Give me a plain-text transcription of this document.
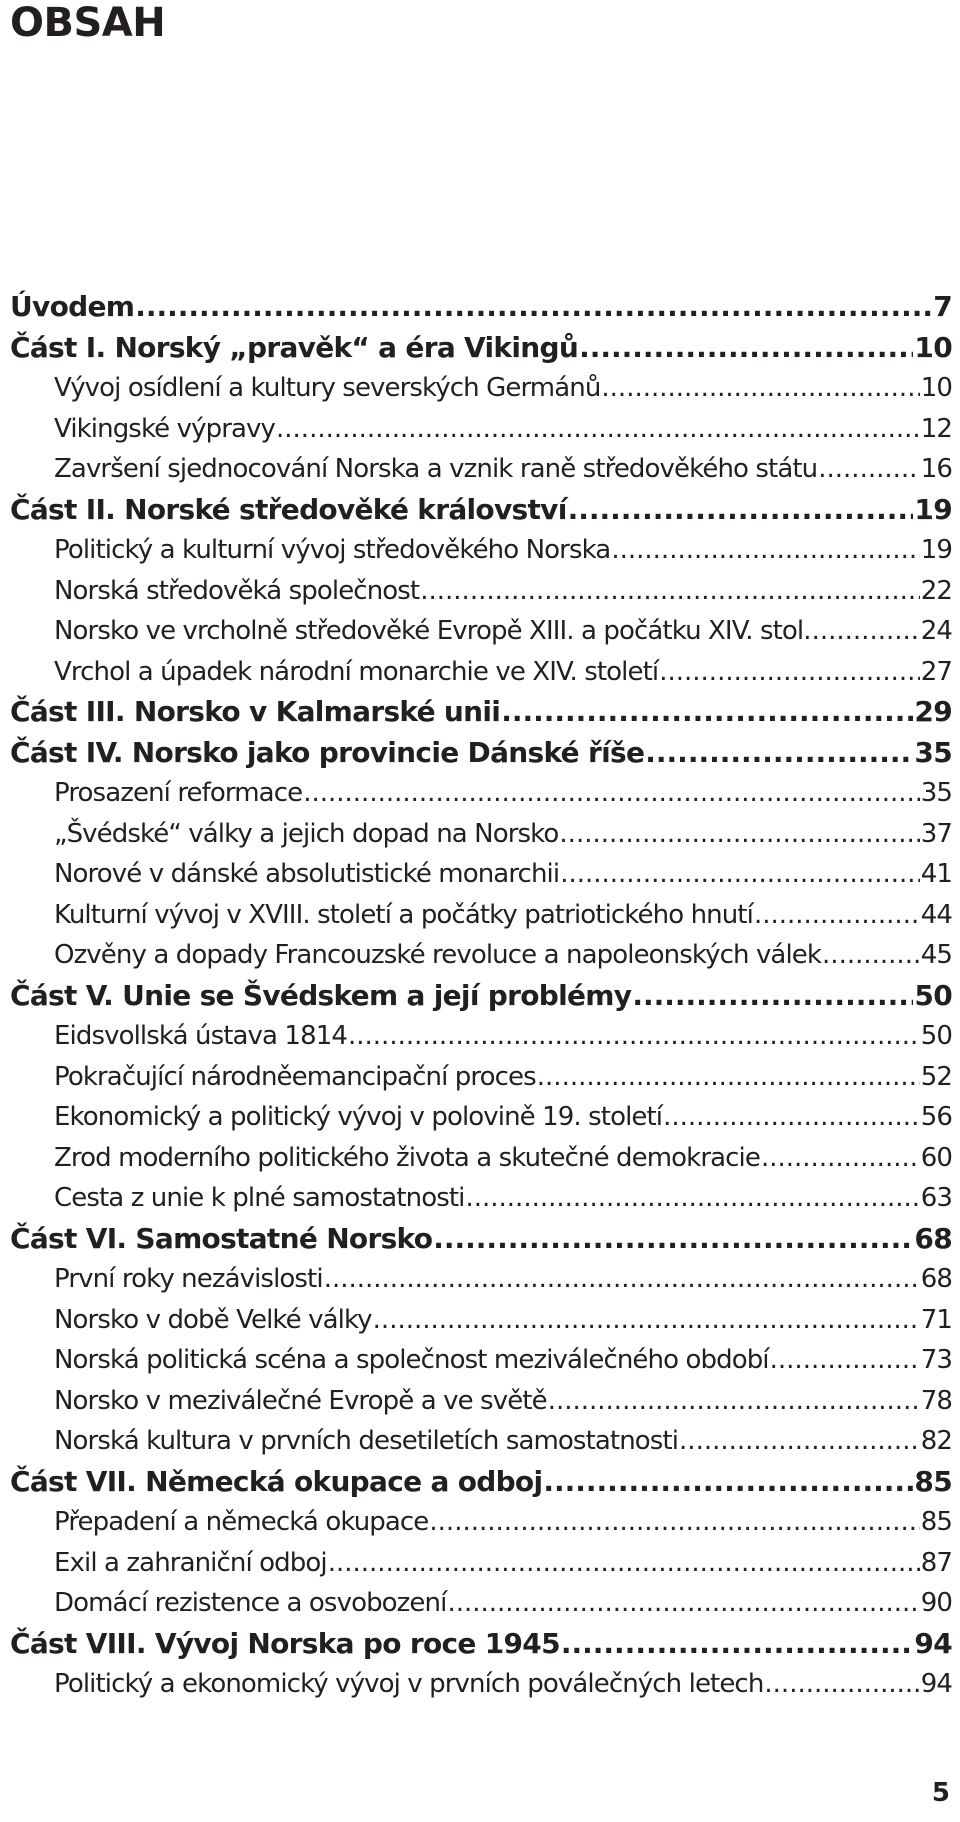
OBSAH
Úvodem .....	7
Část I. Norský „pravěk“ a éra Vikingů .....	10
Vývoj osídlení a kultury severských Germánů .....	10
Vikingské výpravy .....	12
Završení sjednocování Norska a vznik raně středověkého státu .....	16
Část II. Norské středověké království .....	19
Politický a kulturní vývoj středověkého Norska .....	19
Norská středověká společnost .....	22
Norsko ve vrcholně středověké Evropě XIII. a počátku XIV. stol. .....	24
Vrchol a úpadek národní monarchie ve XIV. století .....	27
Část III. Norsko v Kalmarské unii .....	29
Část IV. Norsko jako provincie Dánské říše .....	35
Prosazení reformace .....	35
„Švédské“ války a jejich dopad na Norsko .....	37
Norové v dánské absolutistické monarchii .....	41
Kulturní vývoj v XVIII. století a počátky patriotického hnutí .....	44
Ozvěny a dopady Francouzské revoluce a napoleonských válek .....	45
Část V. Unie se Švédskem a její problémy .....	50
Eidsvollská ústava 1814 .....	50
Pokračující národněemancipační proces .....	52
Ekonomický a politický vývoj v polovině 19. století .....	56
Zrod moderního politického života a skutečné demokracie .....	60
Cesta z unie k plné samostatnosti .....	63
Část VI. Samostatné Norsko .....	68
První roky nezávislosti .....	68
Norsko v době Velké války .....	71
Norská politická scéna a společnost meziválečného období .....	73
Norsko v meziválečné Evropě a ve světě .....	78
Norská kultura v prvních desetiletích samostatnosti .....	82
Část VII. Německá okupace a odboj .....	85
Přepadení a německá okupace .....	85
Exil a zahraniční odboj .....	87
Domácí rezistence a osvobození .....	90
Část VIII. Vývoj Norska po roce 1945 .....	94
Politický a ekonomický vývoj v prvních poválečných letech .....	94
5
